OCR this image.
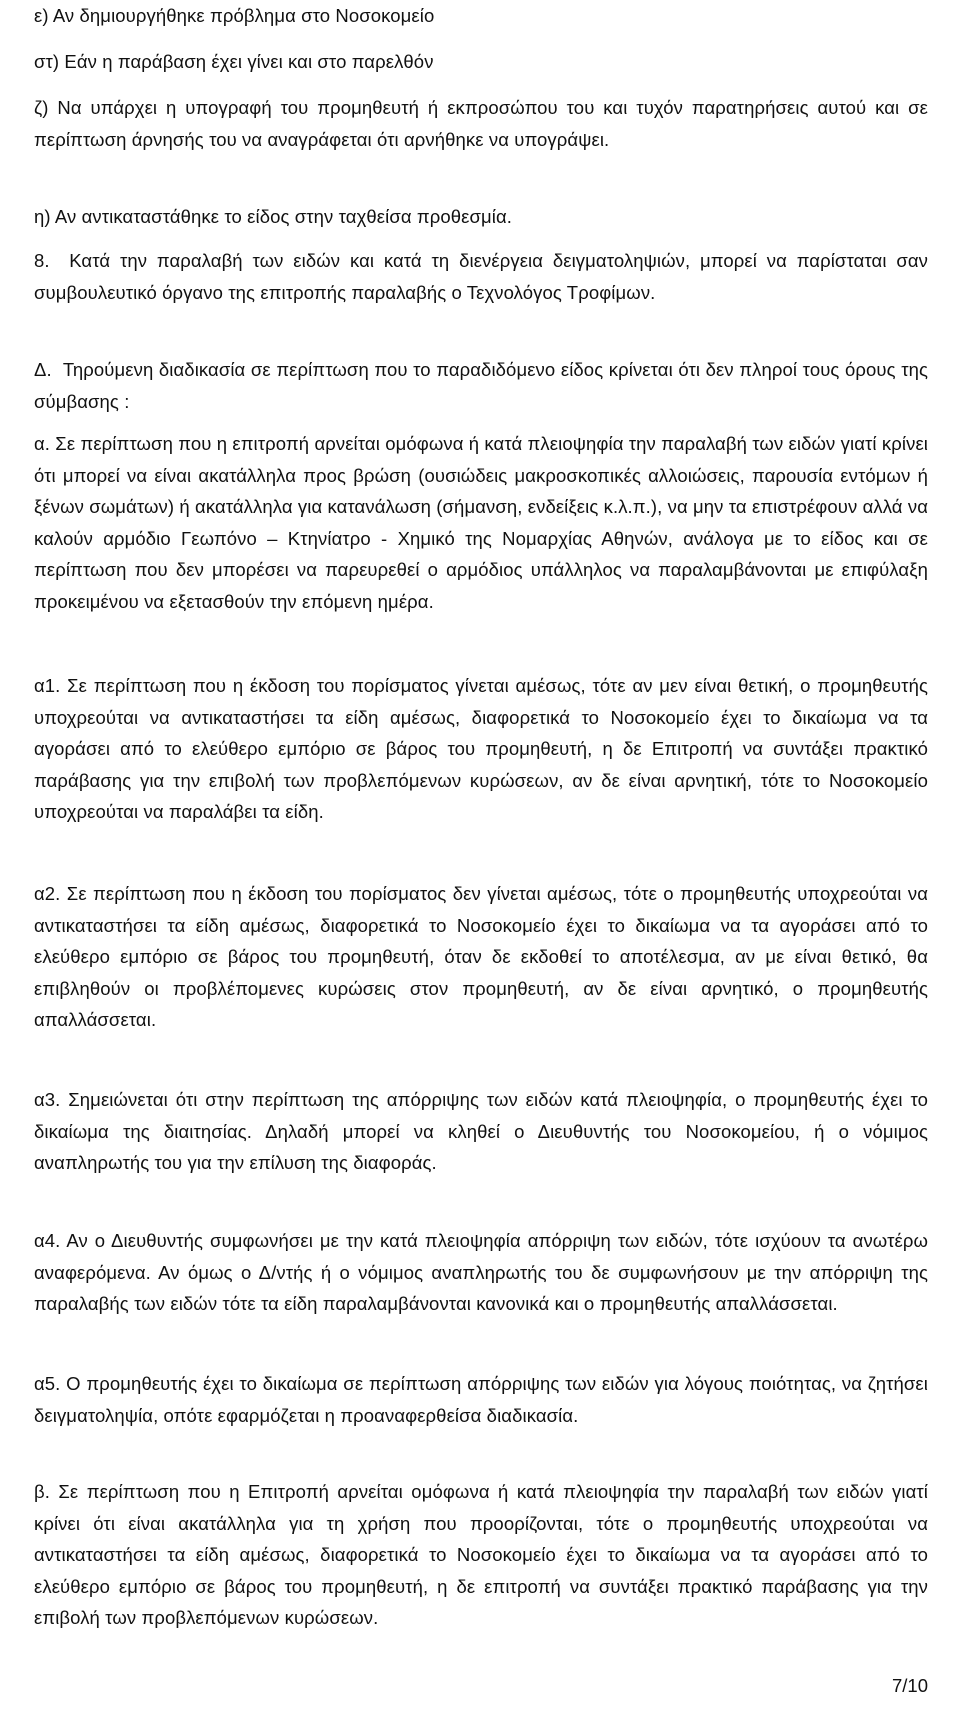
ε) Αν δημιουργήθηκε πρόβλημα στο Νοσοκομείο

στ) Εάν η παράβαση έχει γίνει και στο παρελθόν

ζ) Να υπάρχει η υπογραφή του προμηθευτή ή εκπροσώπου του και τυχόν παρατηρήσεις αυτού και σε περίπτωση άρνησής του να αναγράφεται ότι αρνήθηκε να υπογράψει.

η) Αν αντικαταστάθηκε το είδος στην ταχθείσα προθεσμία.

8. Κατά την παραλαβή των ειδών και κατά τη διενέργεια δειγματοληψιών, μπορεί να παρίσταται σαν συμβουλευτικό όργανο της επιτροπής παραλαβής ο Τεχνολόγος Τροφίμων.

Δ. Τηρούμενη διαδικασία σε περίπτωση που το παραδιδόμενο είδος κρίνεται ότι δεν πληροί τους όρους της σύμβασης :

α. Σε περίπτωση που η επιτροπή αρνείται ομόφωνα ή κατά πλειοψηφία την παραλαβή των ειδών γιατί κρίνει ότι μπορεί να είναι ακατάλληλα προς βρώση (ουσιώδεις μακροσκοπικές αλλοιώσεις, παρουσία εντόμων ή ξένων σωμάτων) ή ακατάλληλα για κατανάλωση (σήμανση, ενδείξεις κ.λ.π.), να μην τα επιστρέφουν αλλά να καλούν αρμόδιο Γεωπόνο – Κτηνίατρο - Χημικό της Νομαρχίας Αθηνών, ανάλογα με το είδος και σε περίπτωση που δεν μπορέσει να παρευρεθεί ο αρμόδιος υπάλληλος να παραλαμβάνονται με επιφύλαξη προκειμένου να εξετασθούν την επόμενη ημέρα.

α1. Σε περίπτωση που η έκδοση του πορίσματος γίνεται αμέσως, τότε αν μεν είναι θετική, ο προμηθευτής υποχρεούται να αντικαταστήσει τα είδη αμέσως, διαφορετικά το Νοσοκομείο έχει το δικαίωμα να τα αγοράσει από το ελεύθερο εμπόριο σε βάρος του προμηθευτή, η δε Επιτροπή να συντάξει πρακτικό παράβασης για την επιβολή των προβλεπόμενων κυρώσεων, αν δε είναι αρνητική, τότε το Νοσοκομείο υποχρεούται να παραλάβει τα είδη.

α2. Σε περίπτωση που η έκδοση του πορίσματος δεν γίνεται αμέσως, τότε ο προμηθευτής υποχρεούται να αντικαταστήσει τα είδη αμέσως, διαφορετικά το Νοσοκομείο έχει το δικαίωμα να τα αγοράσει από το ελεύθερο εμπόριο σε βάρος του προμηθευτή, όταν δε εκδοθεί το αποτέλεσμα, αν με είναι θετικό, θα επιβληθούν οι προβλέπομενες κυρώσεις στον προμηθευτή, αν δε είναι αρνητικό, ο προμηθευτής απαλλάσσεται.

α3. Σημειώνεται ότι στην περίπτωση της απόρριψης των ειδών κατά πλειοψηφία, ο προμηθευτής έχει το δικαίωμα της διαιτησίας. Δηλαδή μπορεί να κληθεί ο Διευθυντής του Νοσοκομείου, ή ο νόμιμος αναπληρωτής του για την επίλυση της διαφοράς.

α4. Αν ο Διευθυντής συμφωνήσει με την κατά πλειοψηφία απόρριψη των ειδών, τότε ισχύουν τα ανωτέρω αναφερόμενα. Αν όμως ο Δ/ντής ή ο νόμιμος αναπληρωτής του δε συμφωνήσουν με την απόρριψη της παραλαβής των ειδών τότε τα είδη παραλαμβάνονται κανονικά και ο προμηθευτής απαλλάσσεται.

α5. Ο προμηθευτής έχει το δικαίωμα σε περίπτωση απόρριψης των ειδών για λόγους ποιότητας, να ζητήσει δειγματοληψία, οπότε εφαρμόζεται η προαναφερθείσα διαδικασία.

β. Σε περίπτωση που η Επιτροπή αρνείται ομόφωνα ή κατά πλειοψηφία την παραλαβή των ειδών γιατί κρίνει ότι είναι ακατάλληλα για τη χρήση που προορίζονται, τότε ο προμηθευτής υποχρεούται να αντικαταστήσει τα είδη αμέσως, διαφορετικά το Νοσοκομείο έχει το δικαίωμα να τα αγοράσει από το ελεύθερο εμπόριο σε βάρος του προμηθευτή, η δε επιτροπή να συντάξει πρακτικό παράβασης για την επιβολή των προβλεπόμενων κυρώσεων.

7/10
